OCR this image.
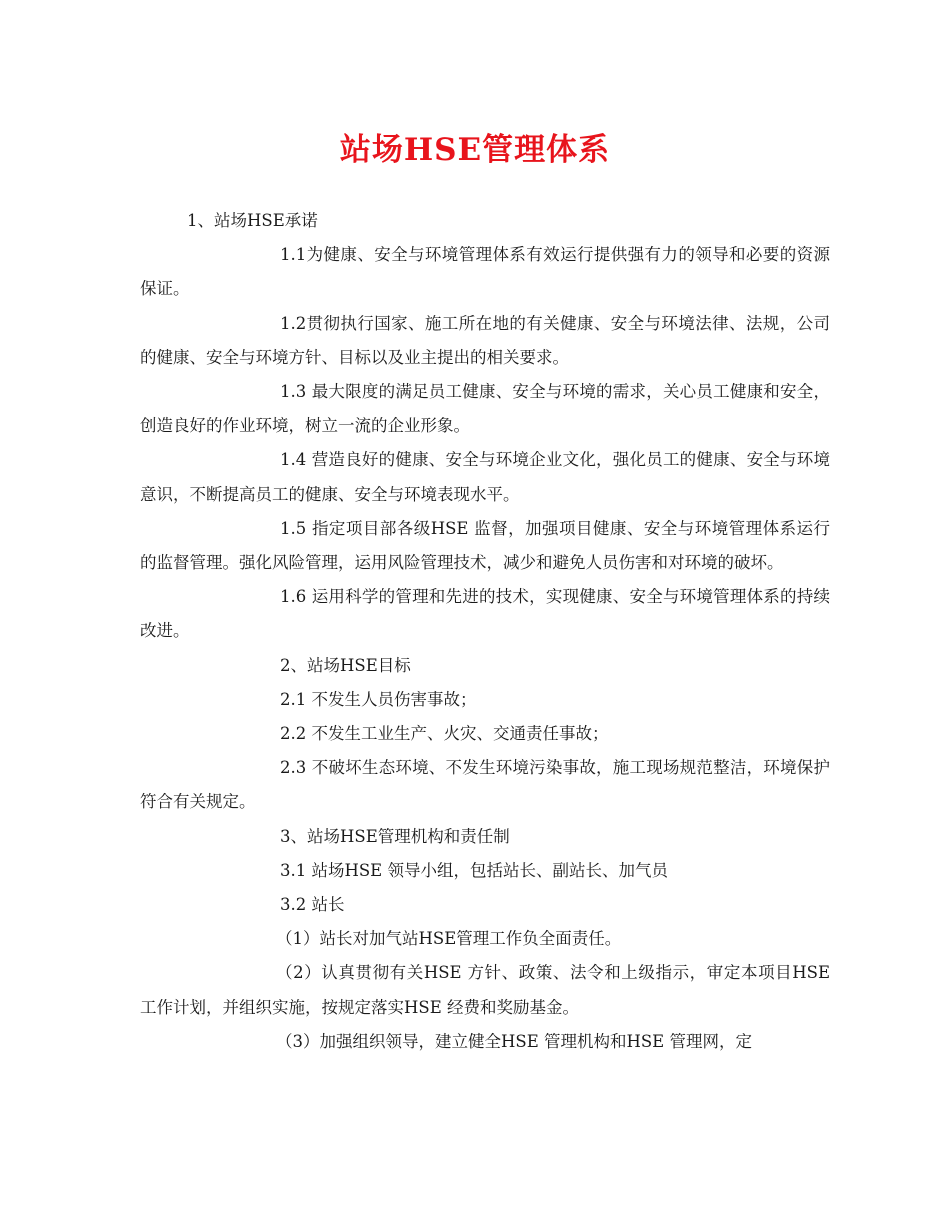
站场HSE管理体系

1、站场HSE承诺

1.1为健康、安全与环境管理体系有效运行提供强有力的领导和必要的资源保证。

1.2贯彻执行国家、施工所在地的有关健康、安全与环境法律、法规，公司的健康、安全与环境方针、目标以及业主提出的相关要求。

1.3 最大限度的满足员工健康、安全与环境的需求，关心员工健康和安全，创造良好的作业环境，树立一流的企业形象。

1.4 营造良好的健康、安全与环境企业文化，强化员工的健康、安全与环境意识，不断提高员工的健康、安全与环境表现水平。

1.5 指定项目部各级HSE 监督，加强项目健康、安全与环境管理体系运行的监督管理。强化风险管理，运用风险管理技术，减少和避免人员伤害和对环境的破坏。

1.6 运用科学的管理和先进的技术，实现健康、安全与环境管理体系的持续改进。

2、站场HSE目标

2.1 不发生人员伤害事故；

2.2 不发生工业生产、火灾、交通责任事故；

2.3 不破坏生态环境、不发生环境污染事故，施工现场规范整洁，环境保护符合有关规定。

3、站场HSE管理机构和责任制

3.1 站场HSE 领导小组，包括站长、副站长、加气员

3.2 站长

（1）站长对加气站HSE管理工作负全面责任。

（2）认真贯彻有关HSE 方针、政策、法令和上级指示，审定本项目HSE 工作计划，并组织实施，按规定落实HSE 经费和奖励基金。

（3）加强组织领导，建立健全HSE 管理机构和HSE 管理网，定
